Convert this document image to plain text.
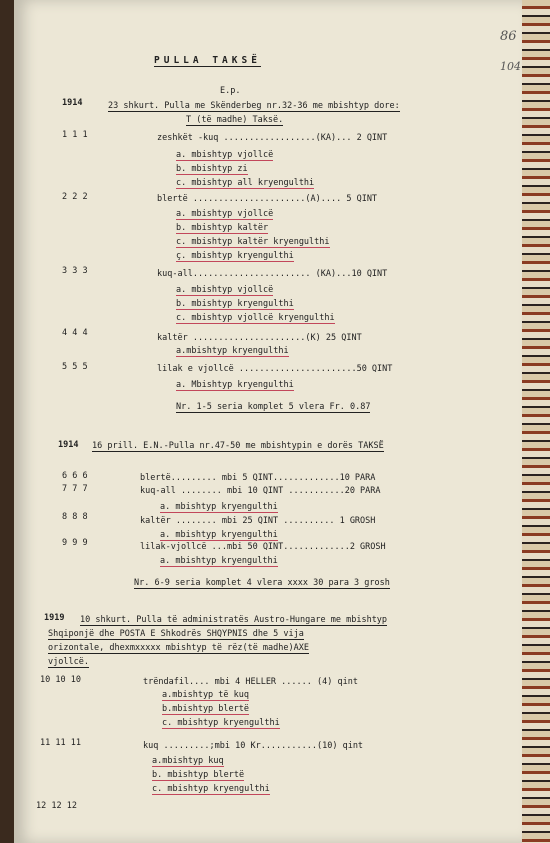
86
104
PULLA TAKSË
E.p.
1914	23 shkurt. Pulla me Skënderbeg nr.32-36 me mbishtyp dore:
T (të madhe) Taksë.
1 1 1	zeshkët -kuq ..................(KA)... 2 QINT
a. mbishtyp vjollcë
b. mbishtyp zi
c. mbishtyp all kryengulthi
2 2 2	blertë ......................(A).... 5 QINT
a. mbishtyp vjollcë
b. mbishtyp kaltër
c. mbishtyp kaltër kryengulthi
ç. mbishtyp kryengulthi
3 3 3	kuq-all....................... (KA)...10 QINT
a. mbishtyp vjollcë
b. mbishtyp kryengulthi
c. mbishtyp vjollcë kryengulthi
4 4 4	kaltër ......................(K) 25 QINT
a.mbishtyp kryengulthi
5 5 5	lilak e vjollcë .......................50 QINT
a. Mbishtyp kryengulthi
Nr. 1-5 seria komplet 5 vlera Fr. 0.87
1914 16 prill. E.N.-Pulla nr.47-50 me mbishtypin e dorës TAKSË
6 6 6	blertë......... mbi 5 QINT.............10 PARA
7 7 7	kuq-all ........ mbi 10 QINT ...........20 PARA
a. mbishtyp kryengulthi
8 8 8	kaltër ........ mbi 25 QINT .......... 1 GROSH
a. mbishtyp kryengulthi
9 9 9	lilak-vjollcë ...mbi 50 QINT.............2 GROSH
a. mbishtyp kryengulthi
Nr. 6-9 seria komplet 4 vlera xxxx 30 para 3 grosh
1919 10 shkurt. Pulla të administratës Austro-Hungare me mbishtyp
Shqiponjë dhe POSTA E Shkodrës SHQYPNIS dhe 5 vija
orizontale, dhexmxxxxx mbishtyp të rëz(të madhe)AXE
vjollcë.
10 10 10	trëndafil.... mbi 4 HELLER ...... (4) qint
a.mbishtyp të kuq
b.mbishtyp blertë
c. mbishtyp kryengulthi
11 11 11	kuq .........;mbi 10 Kr...........(10) qint
a.mbishtyp kuq
b. mbishtyp blertë
c. mbishtyp kryengulthi
12 12 12
